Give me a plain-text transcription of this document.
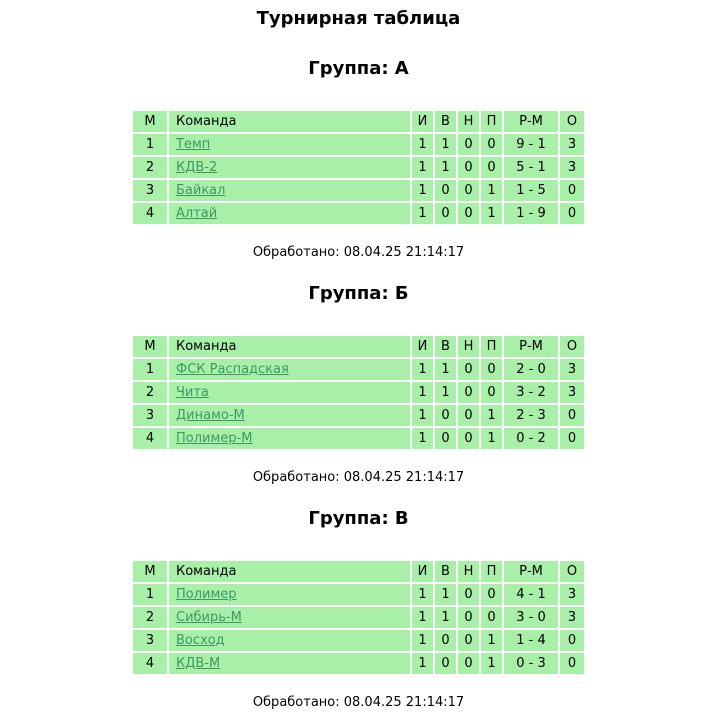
Турнирная таблица
Группа: А
М	Команда	И	В	Н	П	Р-М	О
1	Темп	1	1	0	0	9 - 1	3
2	КДВ-2	1	1	0	0	5 - 1	3
3	Байкал	1	0	0	1	1 - 5	0
4	Алтай	1	0	0	1	1 - 9	0
Обработано: 08.04.25 21:14:17
Группа: Б
М	Команда	И	В	Н	П	Р-М	О
1	ФСК Распадская	1	1	0	0	2 - 0	3
2	Чита	1	1	0	0	3 - 2	3
3	Динамо-М	1	0	0	1	2 - 3	0
4	Полимер-М	1	0	0	1	0 - 2	0
Обработано: 08.04.25 21:14:17
Группа: В
М	Команда	И	В	Н	П	Р-М	О
1	Полимер	1	1	0	0	4 - 1	3
2	Сибирь-М	1	1	0	0	3 - 0	3
3	Восход	1	0	0	1	1 - 4	0
4	КДВ-М	1	0	0	1	0 - 3	0
Обработано: 08.04.25 21:14:17
